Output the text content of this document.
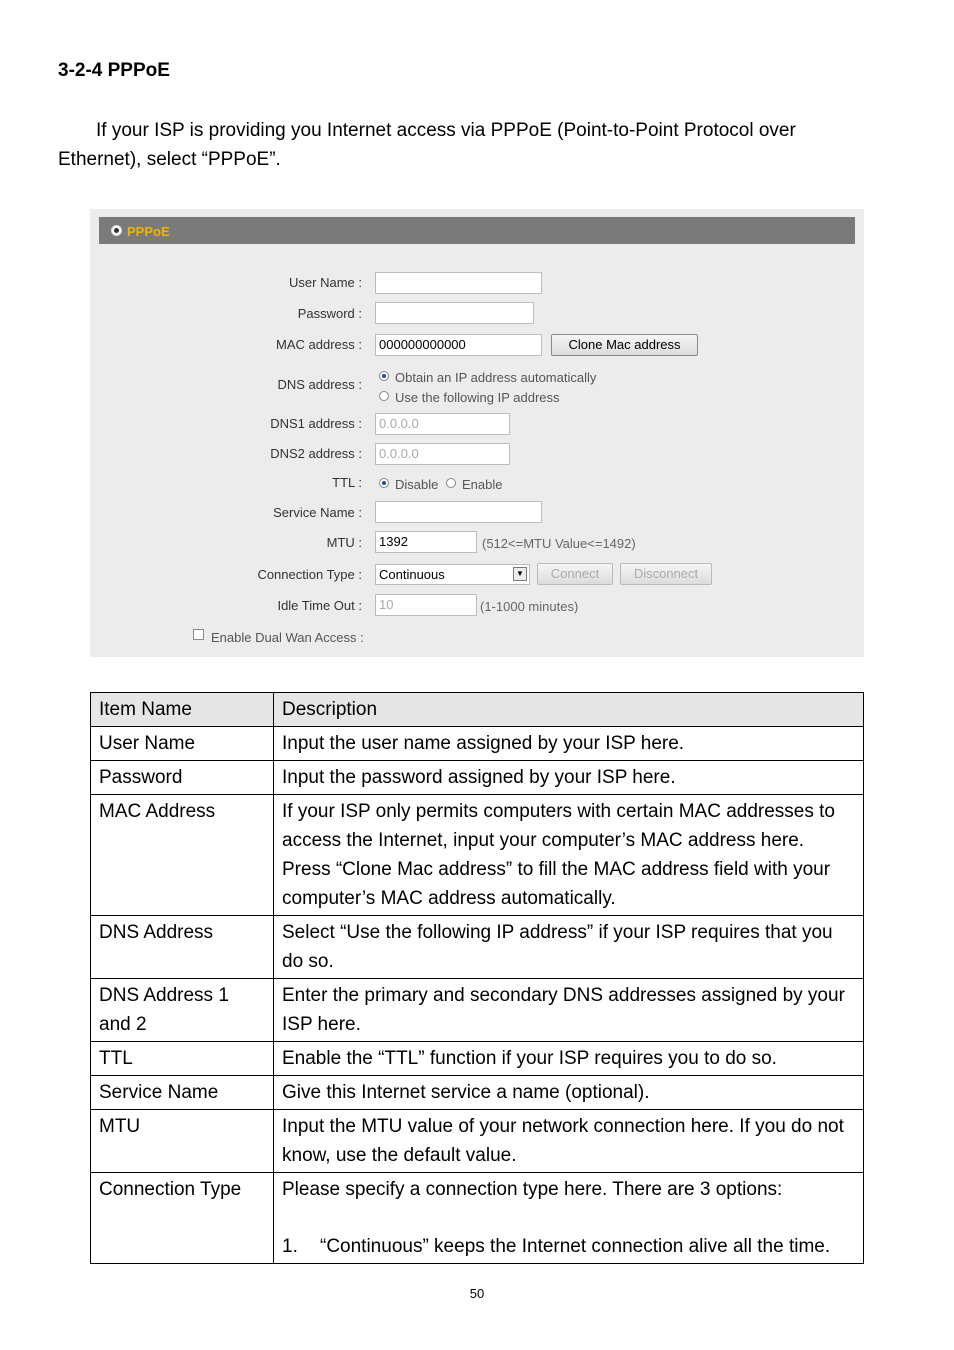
3-2-4 PPPoE
If your ISP is providing you Internet access via PPPoE (Point-to-Point Protocol over Ethernet), select “PPPoE”.
PPPoE
User Name :
Password :
MAC address :	000000000000	Clone Mac address
DNS address :	Obtain an IP address automatically
Use the following IP address
DNS1 address :	0.0.0.0
DNS2 address :	0.0.0.0
TTL :	Disable Enable
Service Name :
MTU :	1392	(512<=MTU Value<=1492)
Connection Type :	Continuous	▼	Connect	Disconnect
Idle Time Out :	10	(1-1000 minutes)
Enable Dual Wan Access :
Item Name	Description
User Name	Input the user name assigned by your ISP here.
Password	Input the password assigned by your ISP here.
MAC Address	If your ISP only permits computers with certain MAC addresses to access the Internet, input your computer’s MAC address here. Press “Clone Mac address” to fill the MAC address field with your computer’s MAC address automatically.
DNS Address	Select “Use the following IP address” if your ISP requires that you do so.
DNS Address 1 and 2	Enter the primary and secondary DNS addresses assigned by your ISP here.
TTL	Enable the “TTL” function if your ISP requires you to do so.
Service Name	Give this Internet service a name (optional).
MTU	Input the MTU value of your network connection here. If you do not know, use the default value.
Connection Type	Please specify a connection type here. There are 3 options:
1. “Continuous” keeps the Internet connection alive all the time.
50
